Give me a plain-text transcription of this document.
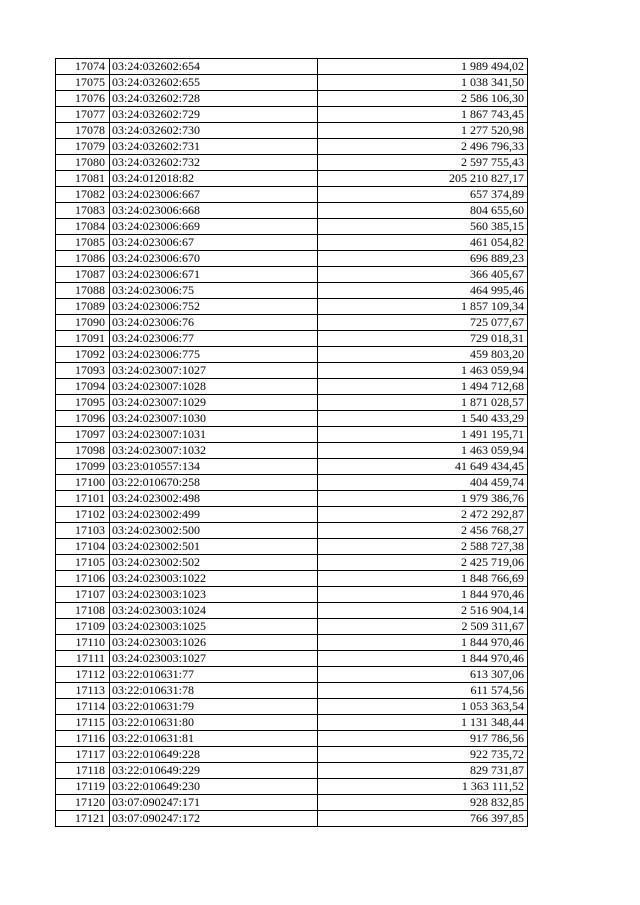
17074	03:24:032602:654	1 989 494,02
17075	03:24:032602:655	1 038 341,50
17076	03:24:032602:728	2 586 106,30
17077	03:24:032602:729	1 867 743,45
17078	03:24:032602:730	1 277 520,98
17079	03:24:032602:731	2 496 796,33
17080	03:24:032602:732	2 597 755,43
17081	03:24:012018:82	205 210 827,17
17082	03:24:023006:667	657 374,89
17083	03:24:023006:668	804 655,60
17084	03:24:023006:669	560 385,15
17085	03:24:023006:67	461 054,82
17086	03:24:023006:670	696 889,23
17087	03:24:023006:671	366 405,67
17088	03:24:023006:75	464 995,46
17089	03:24:023006:752	1 857 109,34
17090	03:24:023006:76	725 077,67
17091	03:24:023006:77	729 018,31
17092	03:24:023006:775	459 803,20
17093	03:24:023007:1027	1 463 059,94
17094	03:24:023007:1028	1 494 712,68
17095	03:24:023007:1029	1 871 028,57
17096	03:24:023007:1030	1 540 433,29
17097	03:24:023007:1031	1 491 195,71
17098	03:24:023007:1032	1 463 059,94
17099	03:23:010557:134	41 649 434,45
17100	03:22:010670:258	404 459,74
17101	03:24:023002:498	1 979 386,76
17102	03:24:023002:499	2 472 292,87
17103	03:24:023002:500	2 456 768,27
17104	03:24:023002:501	2 588 727,38
17105	03:24:023002:502	2 425 719,06
17106	03:24:023003:1022	1 848 766,69
17107	03:24:023003:1023	1 844 970,46
17108	03:24:023003:1024	2 516 904,14
17109	03:24:023003:1025	2 509 311,67
17110	03:24:023003:1026	1 844 970,46
17111	03:24:023003:1027	1 844 970,46
17112	03:22:010631:77	613 307,06
17113	03:22:010631:78	611 574,56
17114	03:22:010631:79	1 053 363,54
17115	03:22:010631:80	1 131 348,44
17116	03:22:010631:81	917 786,56
17117	03:22:010649:228	922 735,72
17118	03:22:010649:229	829 731,87
17119	03:22:010649:230	1 363 111,52
17120	03:07:090247:171	928 832,85
17121	03:07:090247:172	766 397,85
